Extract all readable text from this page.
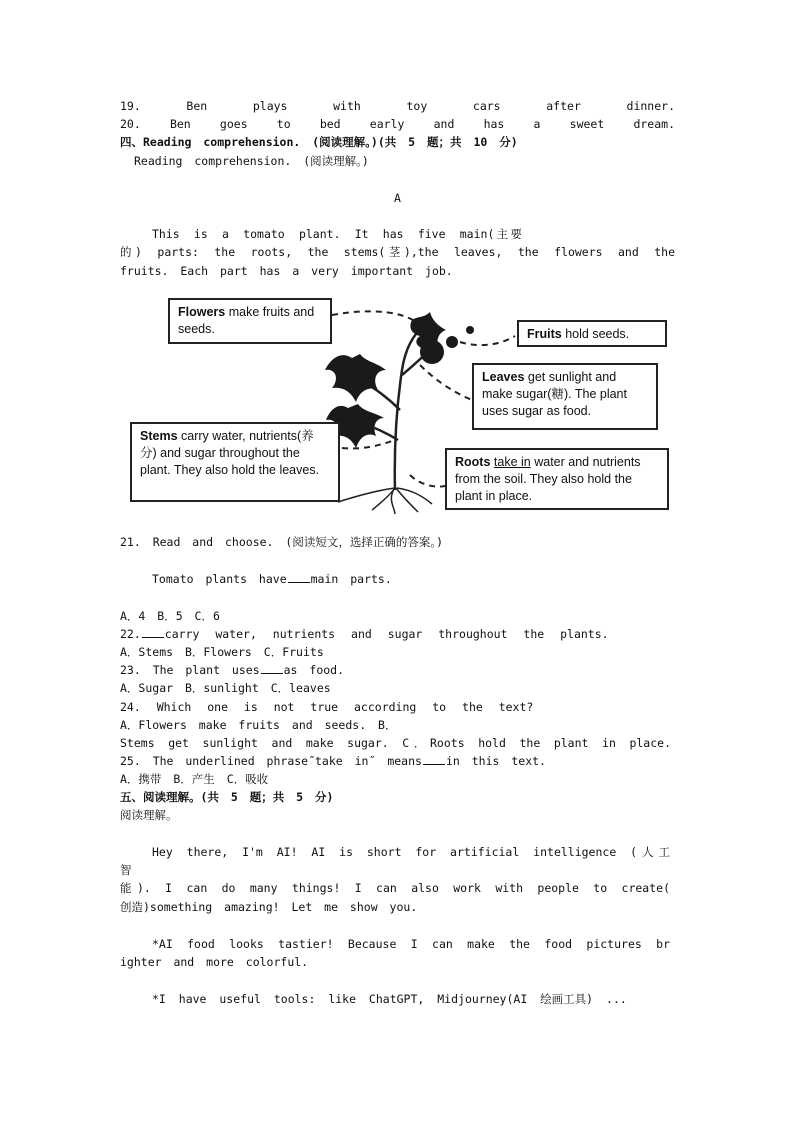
19. Ben plays with toy cars after dinner.
20. Ben goes to bed early and has a sweet dream.
四、Reading comprehension. (阅读理解。)(共 5 题；共 10 分)
Reading comprehension. (阅读理解。)
A
This is a tomato plant. It has five main(主要
的) parts: the roots, the stems(茎),the leaves, the flowers and the
fruits. Each part has a very important job.
Flowers make fruits and seeds.	Fruits hold seeds.
Leaves get sunlight and make sugar(糖). The plant uses sugar as food.
Stems carry water, nutrients(养分) and sugar throughout the plant. They also hold the leaves.
Roots take in water and nutrients from the soil. They also hold the plant in place.
21. Read and choose. (阅读短文，选择正确的答案。)
Tomato plants have main parts.
A．4 B．5 C．6
22. carry water, nutrients and sugar throughout the plants.
A．Stems B．Flowers C．Fruits
23. The plant uses as food.
A．Sugar B．sunlight C．leaves
24. Which one is not true according to the text?
A．Flowers make fruits and seeds. B．
Stems get sunlight and make sugar. C．Roots hold the plant in place.
25. The underlined phrase˝take in˝ means in this text.
A．携带 B．产生 C．吸收
五、阅读理解。(共 5 题；共 5 分)
阅读理解。
Hey there, I'm AI! AI is short for artificial intelligence (人工
智
能). I can do many things! I can also work with people to create(
创造)something amazing! Let me show you.
*AI food looks tastier! Because I can make the food pictures br
ighter and more colorful.
*I have useful tools: like ChatGPT, Midjourney(AI 绘画工具) ...
